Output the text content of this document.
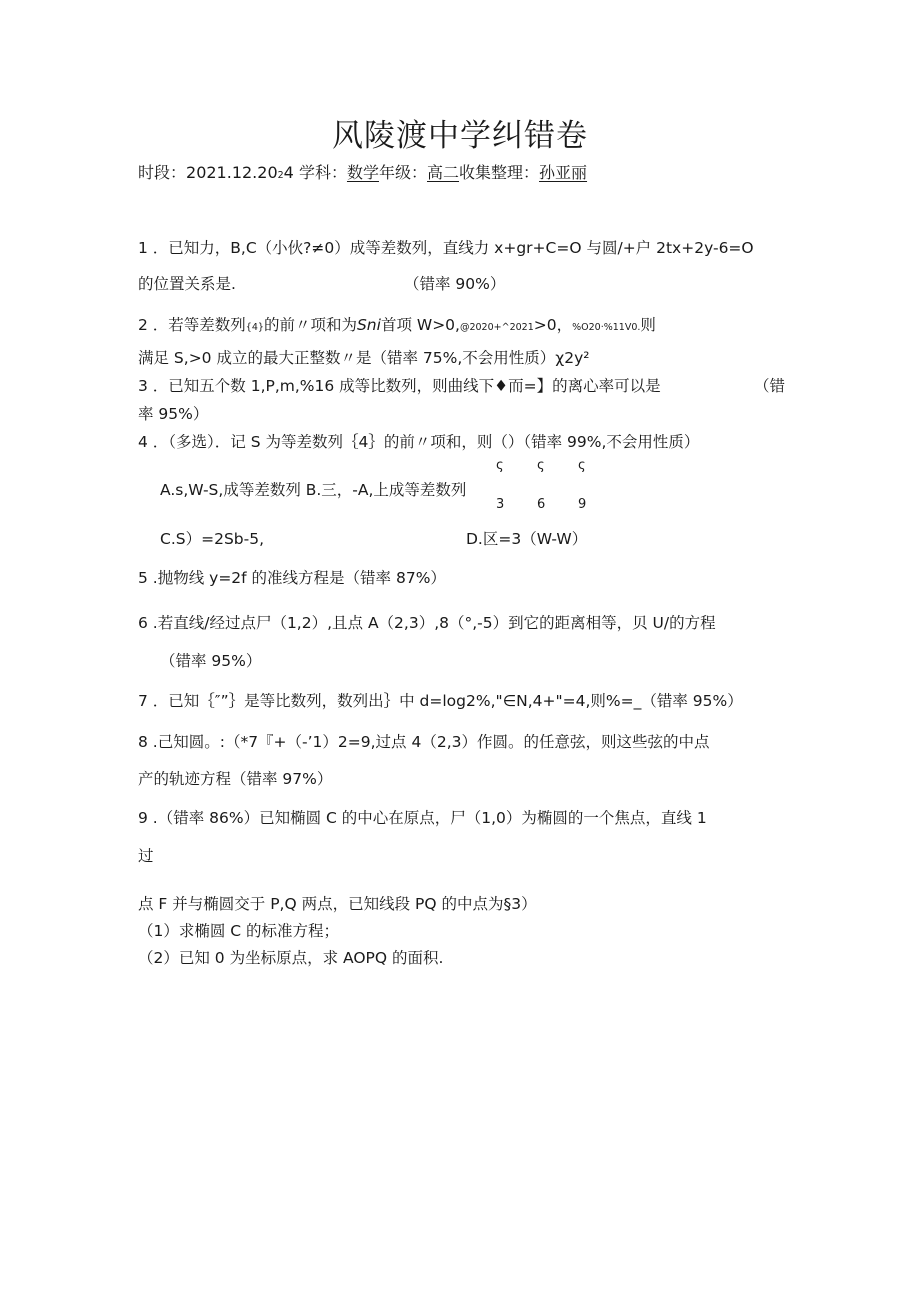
风陵渡中学纠错卷
时段：2021.12.2024 学科：数学年级：高二收集整理：孙亚丽
1 ．已知力，B,C（小伙?≠0）成等差数列，直线力 x+gr+C=O 与圆/+户 2tx+2y-6=O
的位置关系是.	（错率 90%）
2 ．若等差数列{4}的前〃项和为Sni首项 W>0,@2020+^2021>0，%O20·%11V0.则
满足 S,>0 成立的最大正整数〃是（错率 75%,不会用性质）χ2y²
3 ．已知五个数 1,P,m,%16 成等比数列，则曲线下♦而=】的离心率可以是	（错
率 95%）
4 ．（多选）．记 S 为等差数列｛4｝的前〃项和，则（）（错率 99%,不会用性质）
ς	ς	ς
A.s,W-S,成等差数列 B.三，-A,上成等差数列
3	6	9
C.S）=2Sb-5,	D.区=3（W-W）
5 .抛物线 y=2f 的准线方程是（错率 87%）
6 .若直线/经过点尸（1,2）,且点 A（2,3）,8（°,-5）到它的距离相等，贝 U/的方程
（错率 95%）
7 ．已知｛″”｝是等比数列，数列出｝中 d=log2%,"∈N,4+"=4,则%=_（错率 95%）
8 .己知圆。:（*7『+（-’1）2=9,过点 4（2,3）作圆。的任意弦，则这些弦的中点
产的轨迹方程（错率 97%）
9 .（错率 86%）已知椭圆 C 的中心在原点，尸（1,0）为椭圆的一个焦点，直线 1
过
点 F 并与椭圆交于 P,Q 两点，已知线段 PQ 的中点为§3）
（1）求椭圆 C 的标准方程；
（2）已知 0 为坐标原点，求 AOPQ 的面积.
